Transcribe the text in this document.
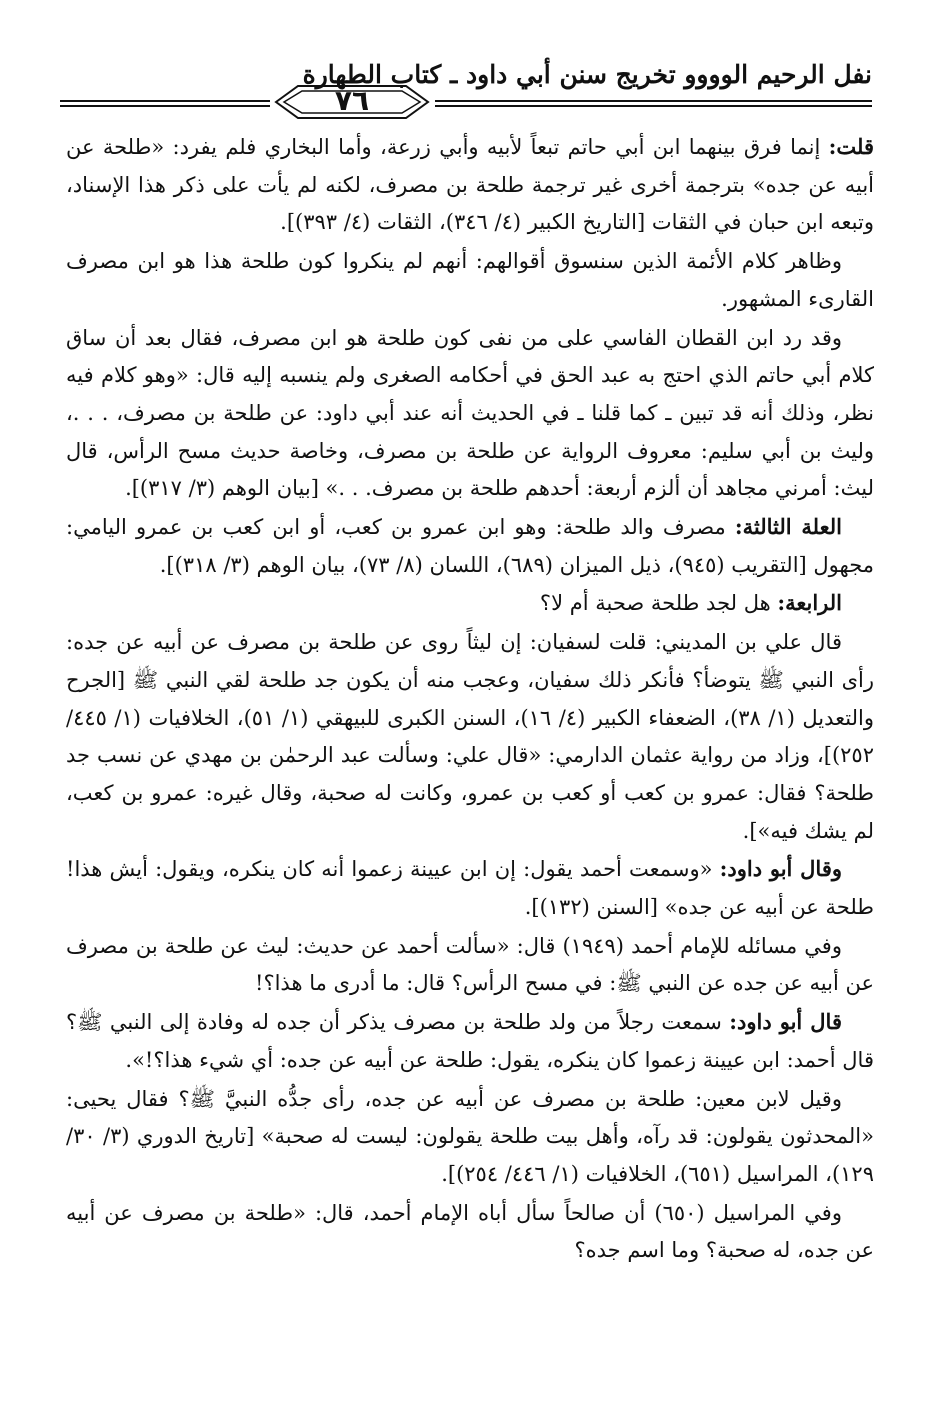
نفل الرحيم الوووو تخريج سنن أبي داود ـ كتاب الطهارة
٧٦

قلت: إنما فرق بينهما ابن أبي حاتم تبعاً لأبيه وأبي زرعة، وأما البخاري فلم يفرد: «طلحة عن أبيه عن جده» بترجمة أخرى غير ترجمة طلحة بن مصرف، لكنه لم يأت على ذكر هذا الإسناد، وتبعه ابن حبان في الثقات [التاريخ الكبير (٤/ ٣٤٦)، الثقات (٤/ ٣٩٣)].

وظاهر كلام الأئمة الذين سنسوق أقوالهم: أنهم لم ينكروا كون طلحة هذا هو ابن مصرف القارىء المشهور.

وقد رد ابن القطان الفاسي على من نفى كون طلحة هو ابن مصرف، فقال بعد أن ساق كلام أبي حاتم الذي احتج به عبد الحق في أحكامه الصغرى ولم ينسبه إليه قال: «وهو كلام فيه نظر، وذلك أنه قد تبين ـ كما قلنا ـ في الحديث أنه عند أبي داود: عن طلحة بن مصرف، . . .، وليث بن أبي سليم: معروف الرواية عن طلحة بن مصرف، وخاصة حديث مسح الرأس، قال ليث: أمرني مجاهد أن ألزم أربعة: أحدهم طلحة بن مصرف. . .» [بيان الوهم (٣/ ٣١٧)].

العلة الثالثة: مصرف والد طلحة: وهو ابن عمرو بن كعب، أو ابن كعب بن عمرو اليامي: مجهول [التقريب (٩٤٥)، ذيل الميزان (٦٨٩)، اللسان (٨/ ٧٣)، بيان الوهم (٣/ ٣١٨)].

الرابعة: هل لجد طلحة صحبة أم لا؟

قال علي بن المديني: قلت لسفيان: إن ليثاً روى عن طلحة بن مصرف عن أبيه عن جده: رأى النبي ﷺ يتوضأ؟ فأنكر ذلك سفيان، وعجب منه أن يكون جد طلحة لقي النبي ﷺ [الجرح والتعديل (١/ ٣٨)، الضعفاء الكبير (٤/ ١٦)، السنن الكبرى للبيهقي (١/ ٥١)، الخلافيات (١/ ٤٤٥/ ٢٥٢)]، وزاد من رواية عثمان الدارمي: «قال علي: وسألت عبد الرحمٰن بن مهدي عن نسب جد طلحة؟ فقال: عمرو بن كعب أو كعب بن عمرو، وكانت له صحبة، وقال غيره: عمرو بن كعب، لم يشك فيه»].

وقال أبو داود: «وسمعت أحمد يقول: إن ابن عيينة زعموا أنه كان ينكره، ويقول: أيش هذا! طلحة عن أبيه عن جده» [السنن (١٣٢)].

وفي مسائله للإمام أحمد (١٩٤٩) قال: «سألت أحمد عن حديث: ليث عن طلحة بن مصرف عن أبيه عن جده عن النبي ﷺ: في مسح الرأس؟ قال: ما أدرى ما هذا؟!

قال أبو داود: سمعت رجلاً من ولد طلحة بن مصرف يذكر أن جده له وفادة إلى النبي ﷺ؟ قال أحمد: ابن عيينة زعموا كان ينكره، يقول: طلحة عن أبيه عن جده: أي شيء هذا؟!».

وقيل لابن معين: طلحة بن مصرف عن أبيه عن جده، رأى جدُّه النبيَّ ﷺ؟ فقال يحيى: «المحدثون يقولون: قد رآه، وأهل بيت طلحة يقولون: ليست له صحبة» [تاريخ الدوري (٣/ ٣٠/ ١٢٩)، المراسيل (٦٥١)، الخلافيات (١/ ٤٤٦/ ٢٥٤)].

وفي المراسيل (٦٥٠) أن صالحاً سأل أباه الإمام أحمد، قال: «طلحة بن مصرف عن أبيه عن جده، له صحبة؟ وما اسم جده؟
